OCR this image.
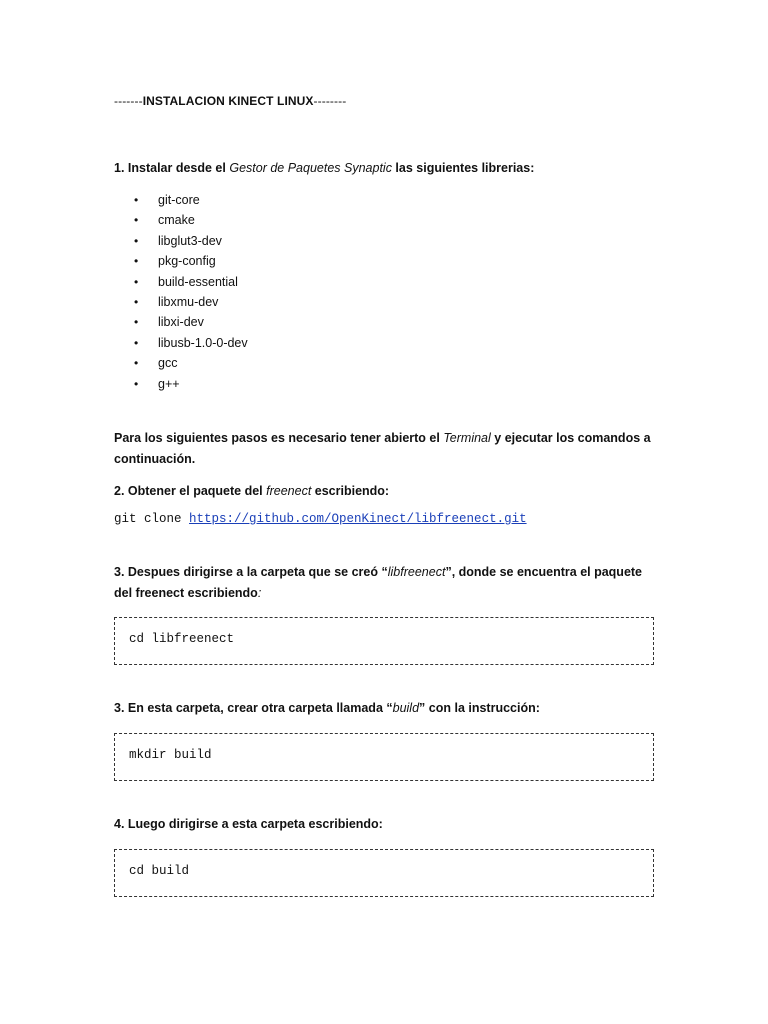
-------INSTALACION KINECT LINUX--------
1. Instalar desde el Gestor de Paquetes Synaptic las siguientes librerias:
• git-core
• cmake
• libglut3-dev
• pkg-config
• build-essential
• libxmu-dev
• libxi-dev
• libusb-1.0-0-dev
• gcc
• g++
Para los siguientes pasos es necesario tener abierto el Terminal y ejecutar los comandos a continuación.
2. Obtener el paquete del freenect escribiendo:
git clone https://github.com/OpenKinect/libfreenect.git
3. Despues dirigirse a la carpeta que se creó “libfreenect”, donde se encuentra el paquete del freenect escribiendo:
cd libfreenect
3. En esta carpeta, crear otra carpeta llamada “build” con la instrucción:
mkdir build
4. Luego dirigirse a esta carpeta escribiendo:
cd build
